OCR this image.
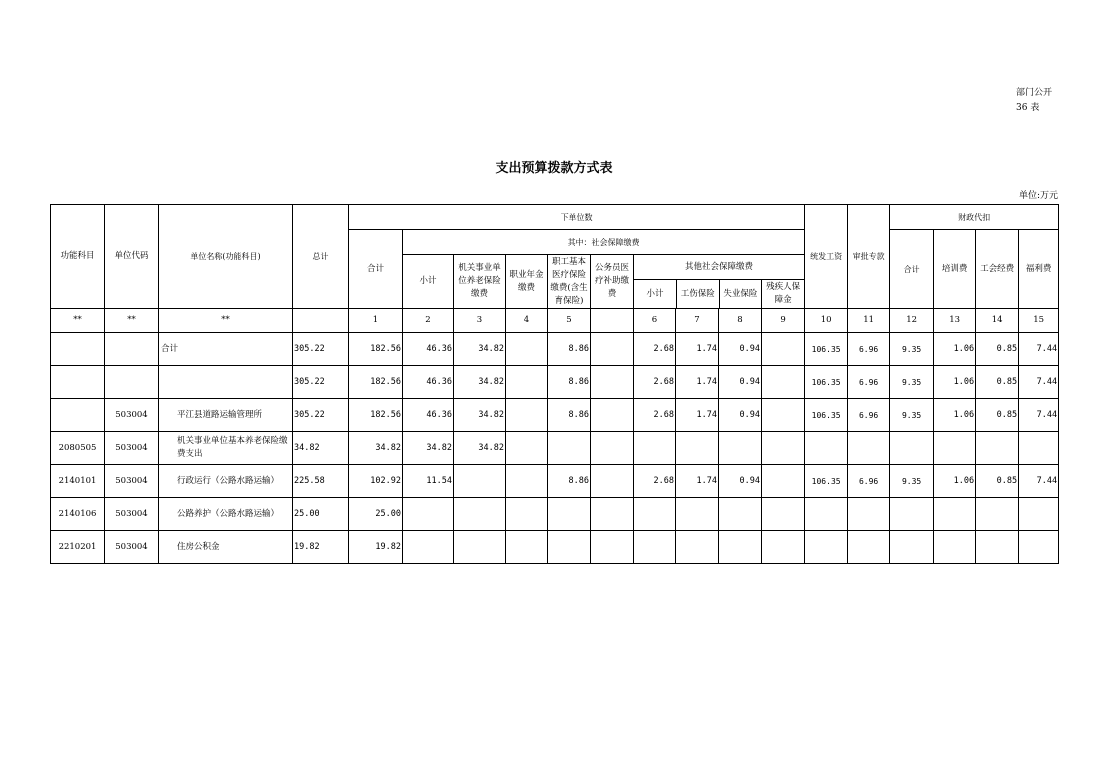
部门公开
36 表
支出预算拨款方式表
单位:万元
功能科目	单位代码	单位名称(功能科目)	总计	下单位数	统发工资	审批专款	财政代扣
合计	其中：社会保障缴费	合计	培训费	工会经费	福利费
小计	机关事业单位养老保险缴费	职业年金缴费	职工基本医疗保险缴费(含生育保险)	公务员医疗补助缴费	
其他社会保障缴费
小计	工伤保险	失业保险	残疾人保障金

**	**	**		1	2	3	4	5		6	7	8	9	10	11	12	13	14	15
		合计	305.22	182.56	46.36	34.82		8.86		2.68	1.74	0.94		106.35	6.96	9.35	1.06	0.85	7.44
			305.22	182.56	46.36	34.82		8.86		2.68	1.74	0.94		106.35	6.96	9.35	1.06	0.85	7.44
	503004	平江县道路运输管理所	305.22	182.56	46.36	34.82		8.86		2.68	1.74	0.94		106.35	6.96	9.35	1.06	0.85	7.44
2080505	503004	机关事业单位基本养老保险缴费支出	34.82	34.82	34.82	34.82													
2140101	503004	行政运行（公路水路运输）	225.58	102.92	11.54			8.86		2.68	1.74	0.94		106.35	6.96	9.35	1.06	0.85	7.44
2140106	503004	公路养护（公路水路运输）	25.00	25.00															
2210201	503004	住房公积金	19.82	19.82															
